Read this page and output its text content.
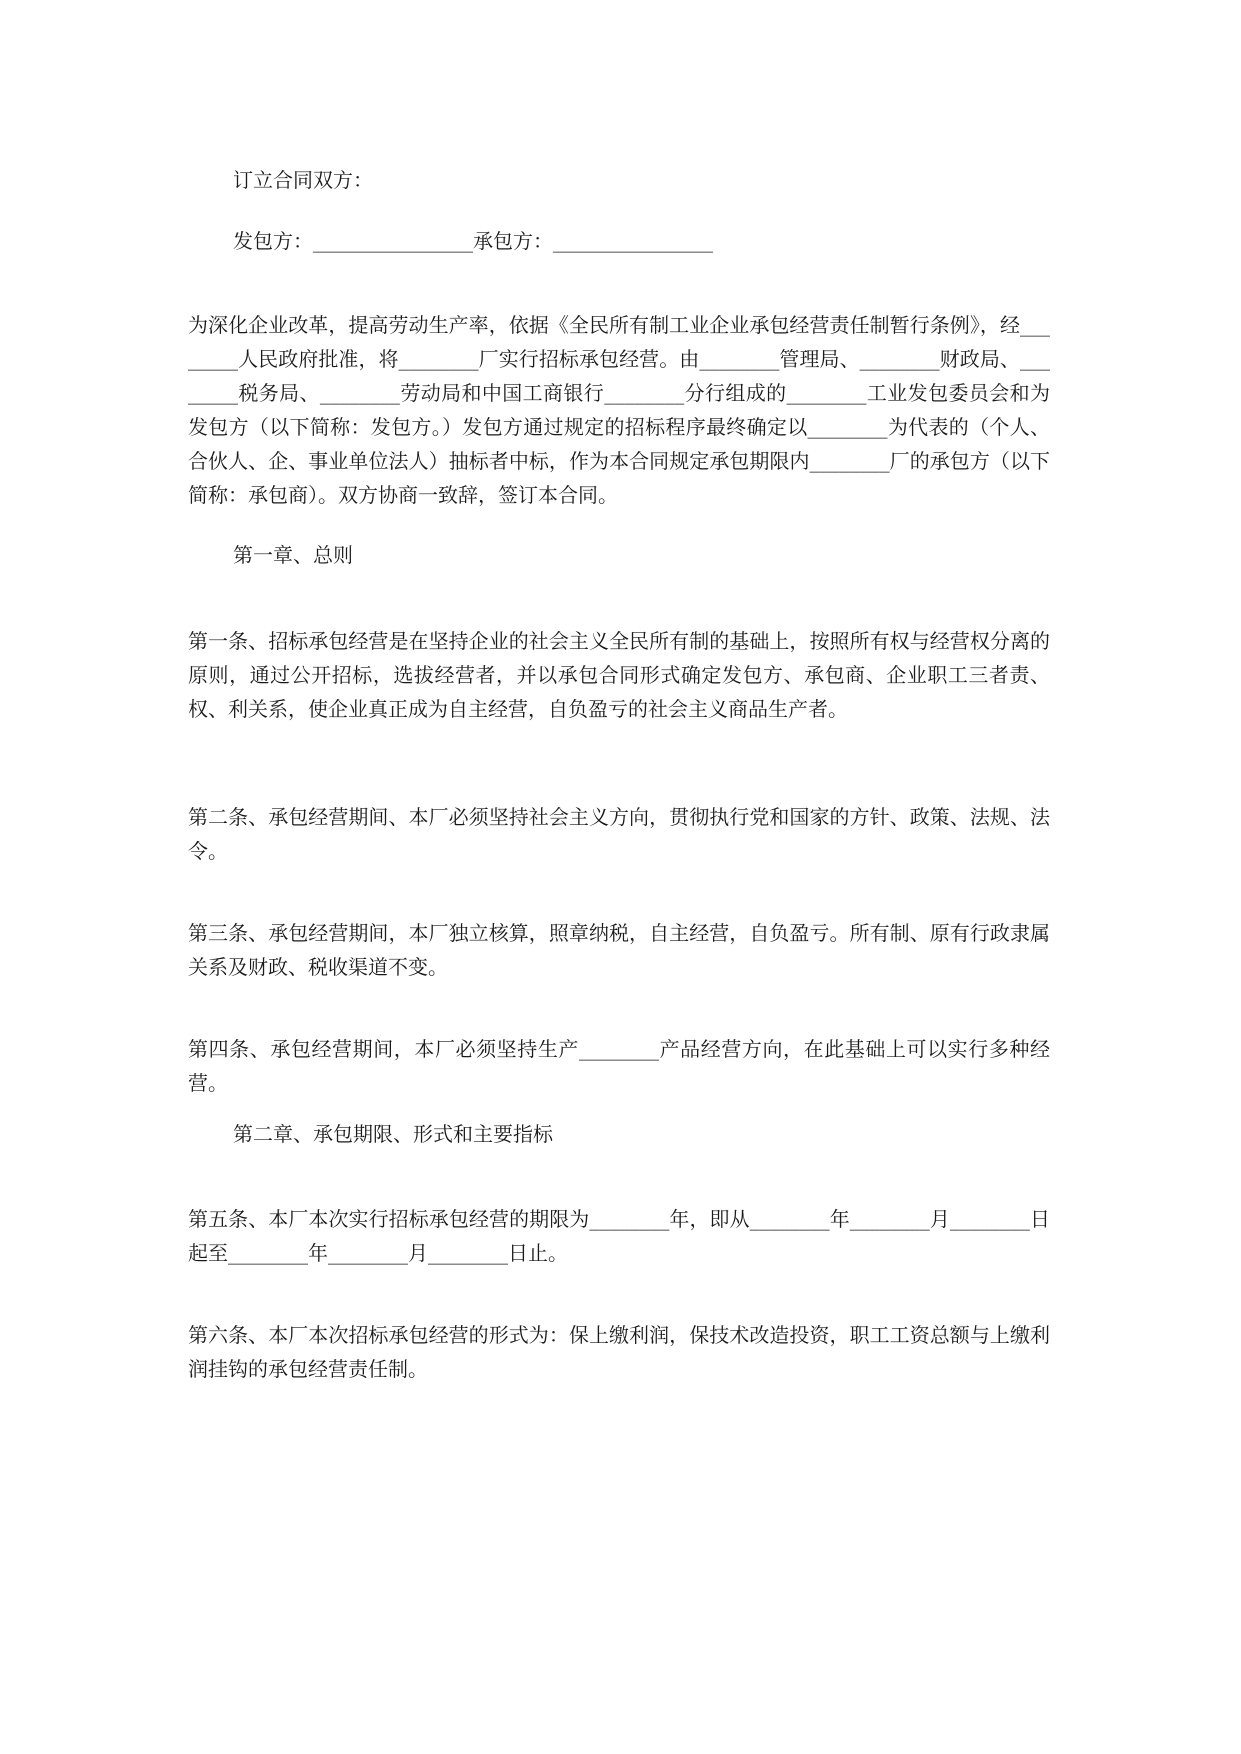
订立合同双方：

发包方：________________承包方：________________

为深化企业改革，提高劳动生产率，依据《全民所有制工业企业承包经营责任制暂行条例》，经________人民政府批准，将________厂实行招标承包经营。由________管理局、________财政局、________税务局、________劳动局和中国工商银行________分行组成的________工业发包委员会和为发包方（以下简称：发包方。）发包方通过规定的招标程序最终确定以________为代表的（个人、合伙人、企、事业单位法人）抽标者中标，作为本合同规定承包期限内________厂的承包方（以下简称：承包商）。双方协商一致辞，签订本合同。

第一章、总则

第一条、招标承包经营是在坚持企业的社会主义全民所有制的基础上，按照所有权与经营权分离的原则，通过公开招标，选拔经营者，并以承包合同形式确定发包方、承包商、企业职工三者责、权、利关系，使企业真正成为自主经营，自负盈亏的社会主义商品生产者。

第二条、承包经营期间、本厂必须坚持社会主义方向，贯彻执行党和国家的方针、政策、法规、法令。

第三条、承包经营期间，本厂独立核算，照章纳税，自主经营，自负盈亏。所有制、原有行政隶属关系及财政、税收渠道不变。

第四条、承包经营期间，本厂必须坚持生产________产品经营方向，在此基础上可以实行多种经营。

第二章、承包期限、形式和主要指标

第五条、本厂本次实行招标承包经营的期限为________年，即从________年________月________日起至________年________月________日止。

第六条、本厂本次招标承包经营的形式为：保上缴利润，保技术改造投资，职工工资总额与上缴利润挂钩的承包经营责任制。
